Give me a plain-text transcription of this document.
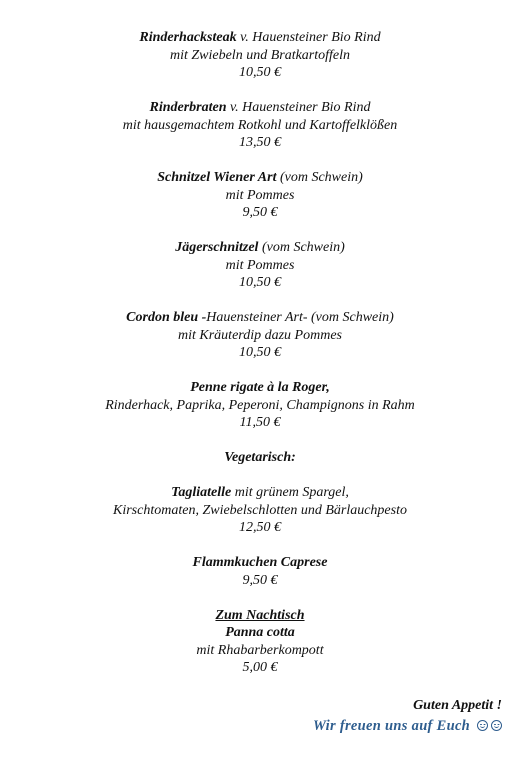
Rinderhacksteak v. Hauensteiner Bio Rind
mit Zwiebeln und Bratkartoffeln
10,50 €
Rinderbraten v. Hauensteiner Bio Rind
mit hausgemachtem Rotkohl und Kartoffelklößen
13,50 €
Schnitzel Wiener Art (vom Schwein)
mit Pommes
9,50 €
Jägerschnitzel (vom Schwein)
mit Pommes
10,50 €
Cordon bleu -Hauensteiner Art- (vom Schwein)
mit Kräuterdip dazu Pommes
10,50 €
Penne rigate à la Roger,
Rinderhack, Paprika, Peperoni, Champignons in Rahm
11,50 €
Vegetarisch:
Tagliatelle mit grünem Spargel,
Kirschtomaten, Zwiebelschlotten und Bärlauchpesto
12,50 €
Flammkuchen Caprese
9,50 €
Zum Nachtisch
Panna cotta
mit Rhabarberkompott
5,00 €
Guten Appetit !
Wir freuen uns auf Euch
